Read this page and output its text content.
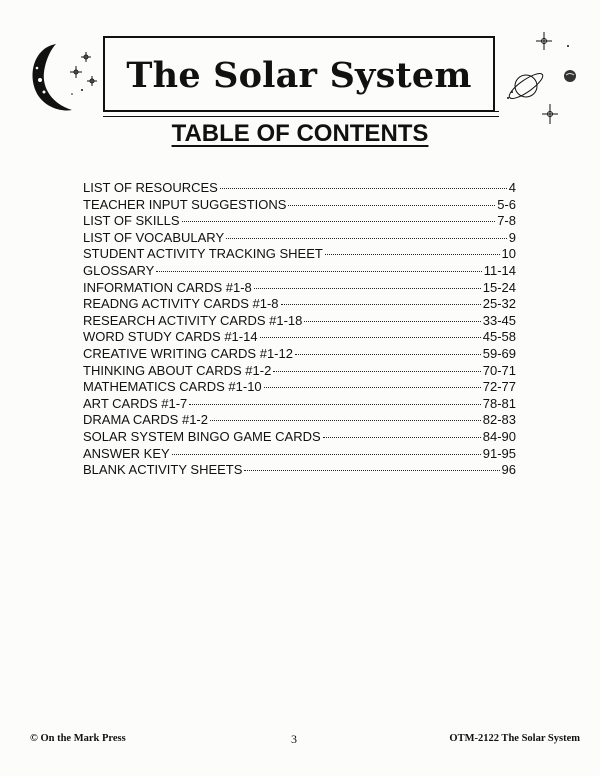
The Solar System
TABLE OF CONTENTS
LIST OF RESOURCES	4
TEACHER INPUT SUGGESTIONS	5-6
LIST OF SKILLS	7-8
LIST OF VOCABULARY	9
STUDENT ACTIVITY TRACKING SHEET	10
GLOSSARY	11-14
INFORMATION CARDS #1-8	15-24
READNG ACTIVITY CARDS #1-8	25-32
RESEARCH ACTIVITY CARDS #1-18	33-45
WORD STUDY CARDS #1-14	45-58
CREATIVE WRITING CARDS #1-12	59-69
THINKING ABOUT CARDS #1-2	70-71
MATHEMATICS CARDS #1-10	72-77
ART CARDS #1-7	78-81
DRAMA CARDS #1-2	82-83
SOLAR SYSTEM BINGO GAME CARDS	84-90
ANSWER KEY	91-95
BLANK ACTIVITY SHEETS	96
© On the Mark Press	3	OTM-2122 The Solar System
